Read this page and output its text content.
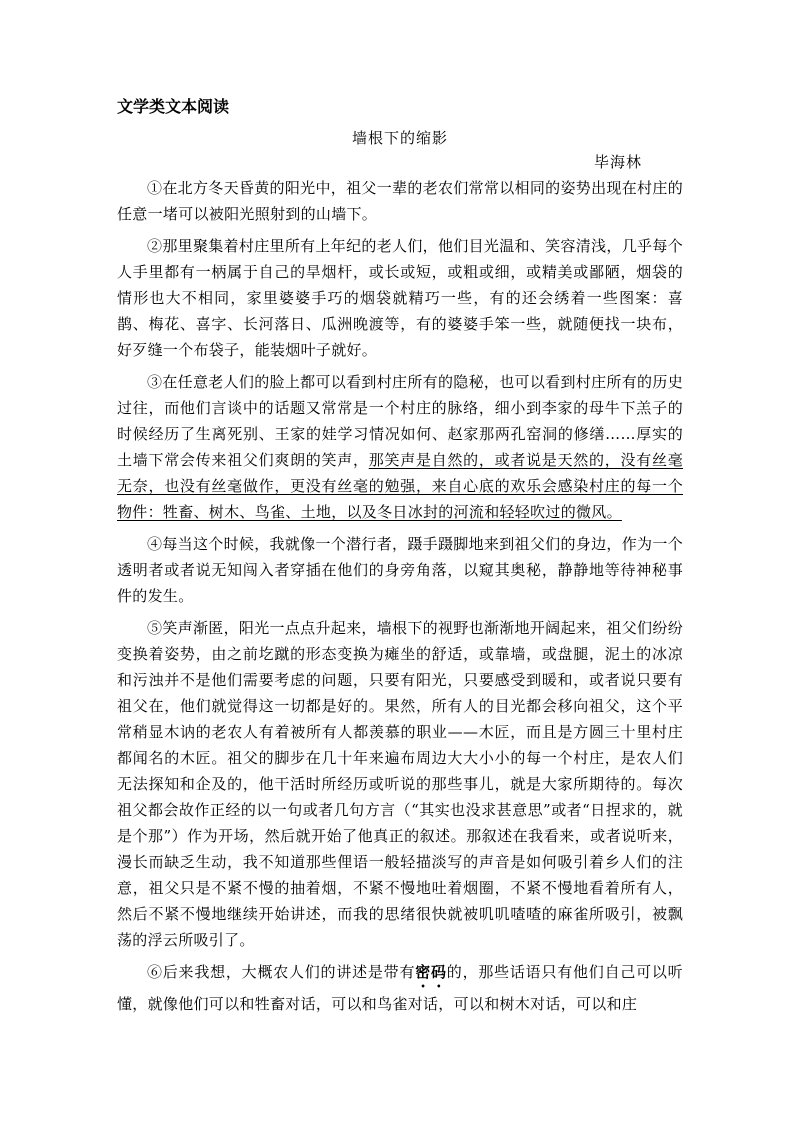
文学类文本阅读
墙根下的缩影
毕海林

①在北方冬天昏黄的阳光中，祖父一辈的老农们常常以相同的姿势出现在村庄的任意一堵可以被阳光照射到的山墙下。

②那里聚集着村庄里所有上年纪的老人们，他们目光温和、笑容清浅，几乎每个人手里都有一柄属于自己的旱烟杆，或长或短，或粗或细，或精美或鄙陋，烟袋的情形也大不相同，家里婆婆手巧的烟袋就精巧一些，有的还会绣着一些图案：喜鹊、梅花、喜字、长河落日、瓜洲晚渡等，有的婆婆手笨一些，就随便找一块布，好歹缝一个布袋子，能装烟叶子就好。

③在任意老人们的脸上都可以看到村庄所有的隐秘，也可以看到村庄所有的历史过往，而他们言谈中的话题又常常是一个村庄的脉络，细小到李家的母牛下羔子的时候经历了生离死别、王家的娃学习情况如何、赵家那两孔窑洞的修缮……厚实的土墙下常会传来祖父们爽朗的笑声，那笑声是自然的，或者说是天然的，没有丝毫无奈，也没有丝毫做作，更没有丝毫的勉强，来自心底的欢乐会感染村庄的每一个物件：牲畜、树木、鸟雀、土地，以及冬日冰封的河流和轻轻吹过的微风。

④每当这个时候，我就像一个潜行者，蹑手蹑脚地来到祖父们的身边，作为一个透明者或者说无知闯入者穿插在他们的身旁角落，以窥其奥秘，静静地等待神秘事件的发生。

⑤笑声渐匿，阳光一点点升起来，墙根下的视野也渐渐地开阔起来，祖父们纷纷变换着姿势，由之前圪蹴的形态变换为瘫坐的舒适，或靠墙，或盘腿，泥土的冰凉和污浊并不是他们需要考虑的问题，只要有阳光，只要感受到暖和，或者说只要有祖父在，他们就觉得这一切都是好的。果然，所有人的目光都会移向祖父，这个平常稍显木讷的老农人有着被所有人都羡慕的职业——木匠，而且是方圆三十里村庄都闻名的木匠。祖父的脚步在几十年来遍布周边大大小小的每一个村庄，是农人们无法探知和企及的，他干活时所经历或听说的那些事儿，就是大家所期待的。每次祖父都会故作正经的以一句或者几句方言（“其实也没求甚意思”或者“日捏求的，就是个那”）作为开场，然后就开始了他真正的叙述。那叙述在我看来，或者说听来，漫长而缺乏生动，我不知道那些俚语一般轻描淡写的声音是如何吸引着乡人们的注意，祖父只是不紧不慢的抽着烟，不紧不慢地吐着烟圈，不紧不慢地看着所有人，然后不紧不慢地继续开始讲述，而我的思绪很快就被叽叽喳喳的麻雀所吸引，被飘荡的浮云所吸引了。

⑥后来我想，大概农人们的讲述是带有密码的，那些话语只有他们自己可以听懂，就像他们可以和牲畜对话，可以和鸟雀对话，可以和树木对话，可以和庄
